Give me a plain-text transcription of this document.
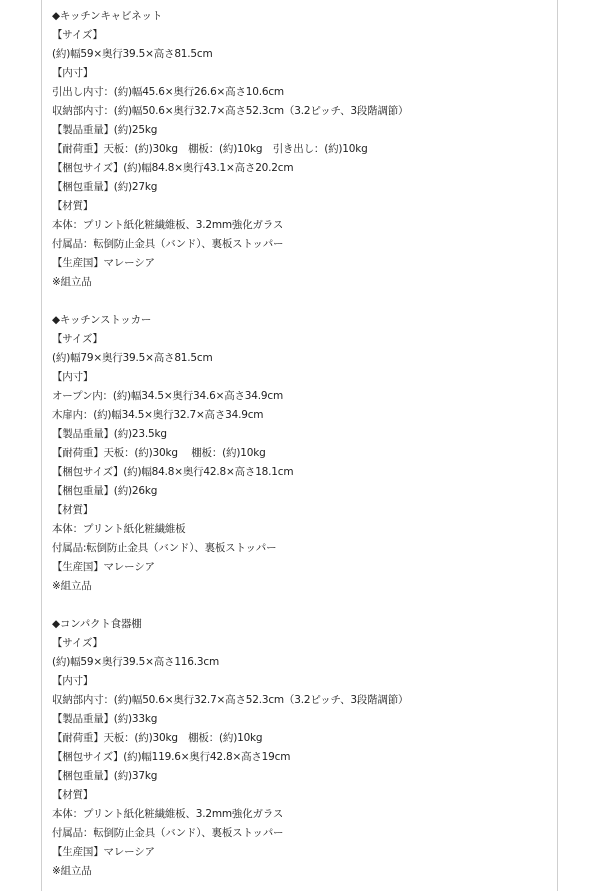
◆キッチンキャビネット
【サイズ】
(約)幅59×奥行39.5×高さ81.5cm
【内寸】
引出し内寸：(約)幅45.6×奥行26.6×高さ10.6cm
収納部内寸：(約)幅50.6×奥行32.7×高さ52.3cm（3.2ピッチ、3段階調節）
【製品重量】(約)25kg
【耐荷重】天板：(約)30kg　棚板：(約)10kg　引き出し：(約)10kg
【梱包サイズ】(約)幅84.8×奥行43.1×高さ20.2cm
【梱包重量】(約)27kg
【材質】
本体：プリント紙化粧繊維板、3.2mm強化ガラス
付属品：転倒防止金具（バンド）、裏板ストッパー
【生産国】マレーシア
※組立品
◆キッチンストッカー
【サイズ】
(約)幅79×奥行39.5×高さ81.5cm
【内寸】
オープン内：(約)幅34.5×奥行34.6×高さ34.9cm
木扉内：(約)幅34.5×奥行32.7×高さ34.9cm
【製品重量】(約)23.5kg
【耐荷重】天板：(約)30kg　 棚板：(約)10kg
【梱包サイズ】(約)幅84.8×奥行42.8×高さ18.1cm
【梱包重量】(約)26kg
【材質】
本体：プリント紙化粧繊維板
付属品:転倒防止金具（バンド）、裏板ストッパー
【生産国】マレーシア
※組立品
◆コンパクト食器棚
【サイズ】
(約)幅59×奥行39.5×高さ116.3cm
【内寸】
収納部内寸：(約)幅50.6×奥行32.7×高さ52.3cm（3.2ピッチ、3段階調節）
【製品重量】(約)33kg
【耐荷重】天板：(約)30kg　棚板：(約)10kg
【梱包サイズ】(約)幅119.6×奥行42.8×高さ19cm
【梱包重量】(約)37kg
【材質】
本体：プリント紙化粧繊維板、3.2mm強化ガラス
付属品：転倒防止金具（バンド）、裏板ストッパー
【生産国】マレーシア
※組立品
